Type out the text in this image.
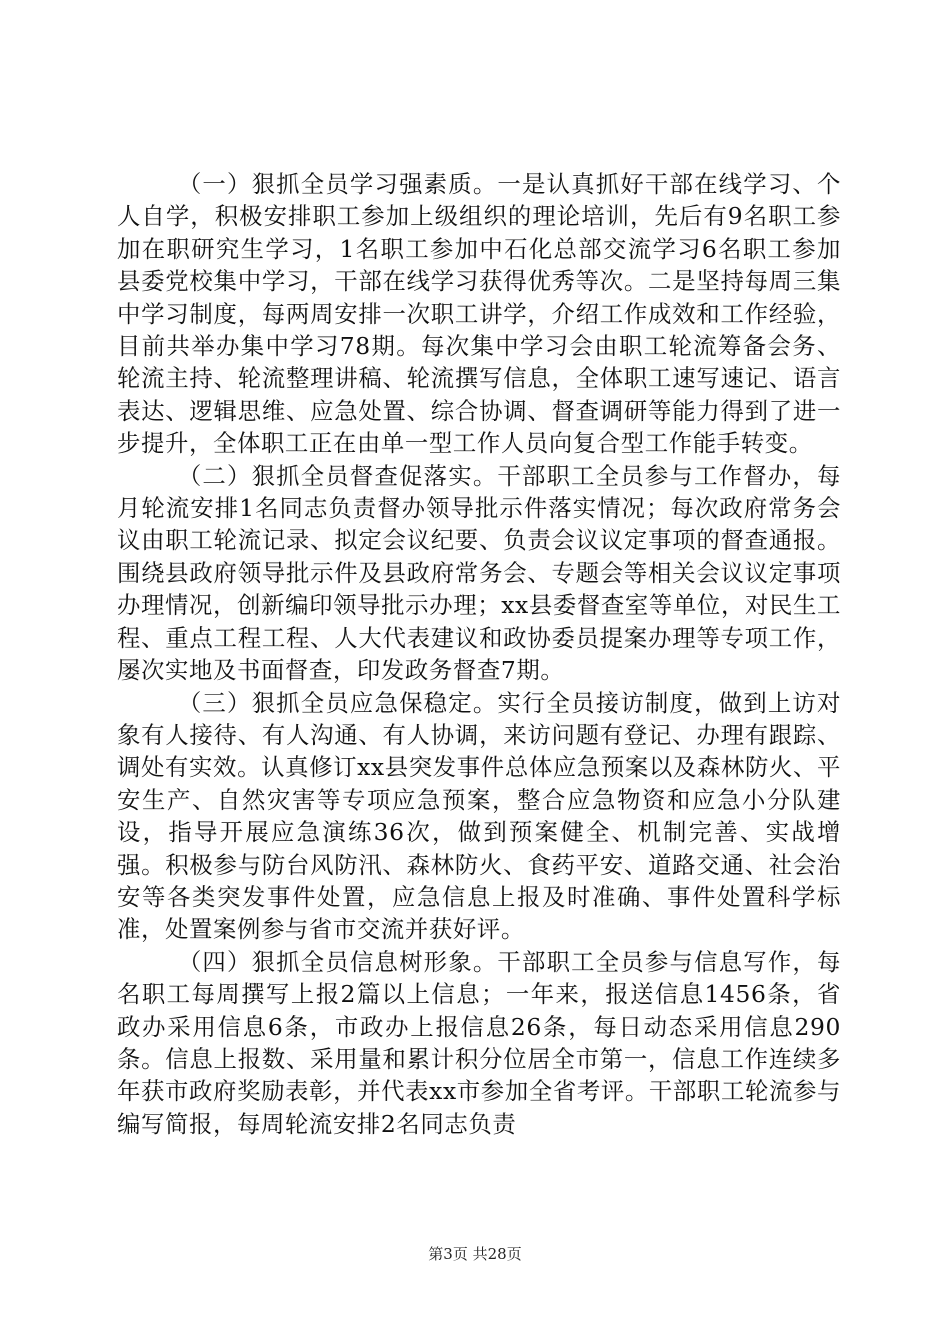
（一）狠抓全员学习强素质。一是认真抓好干部在线学习、个人自学，积极安排职工参加上级组织的理论培训，先后有9名职工参加在职研究生学习，1名职工参加中石化总部交流学习6名职工参加县委党校集中学习，干部在线学习获得优秀等次。二是坚持每周三集中学习制度，每两周安排一次职工讲学，介绍工作成效和工作经验，目前共举办集中学习78期。每次集中学习会由职工轮流筹备会务、轮流主持、轮流整理讲稿、轮流撰写信息，全体职工速写速记、语言表达、逻辑思维、应急处置、综合协调、督查调研等能力得到了进一步提升，全体职工正在由单一型工作人员向复合型工作能手转变。

（二）狠抓全员督查促落实。干部职工全员参与工作督办，每月轮流安排1名同志负责督办领导批示件落实情况；每次政府常务会议由职工轮流记录、拟定会议纪要、负责会议议定事项的督查通报。围绕县政府领导批示件及县政府常务会、专题会等相关会议议定事项办理情况，创新编印领导批示办理；xx县委督查室等单位，对民生工程、重点工程工程、人大代表建议和政协委员提案办理等专项工作，屡次实地及书面督查，印发政务督查7期。

（三）狠抓全员应急保稳定。实行全员接访制度，做到上访对象有人接待、有人沟通、有人协调，来访问题有登记、办理有跟踪、调处有实效。认真修订xx县突发事件总体应急预案以及森林防火、平安生产、自然灾害等专项应急预案，整合应急物资和应急小分队建设，指导开展应急演练36次，做到预案健全、机制完善、实战增强。积极参与防台风防汛、森林防火、食药平安、道路交通、社会治安等各类突发事件处置，应急信息上报及时准确、事件处置科学标准，处置案例参与省市交流并获好评。

（四）狠抓全员信息树形象。干部职工全员参与信息写作，每名职工每周撰写上报2篇以上信息；一年来，报送信息1456条，省政办采用信息6条，市政办上报信息26条，每日动态采用信息290条。信息上报数、采用量和累计积分位居全市第一，信息工作连续多年获市政府奖励表彰，并代表xx市参加全省考评。干部职工轮流参与编写简报，每周轮流安排2名同志负责

第3页 共28页
